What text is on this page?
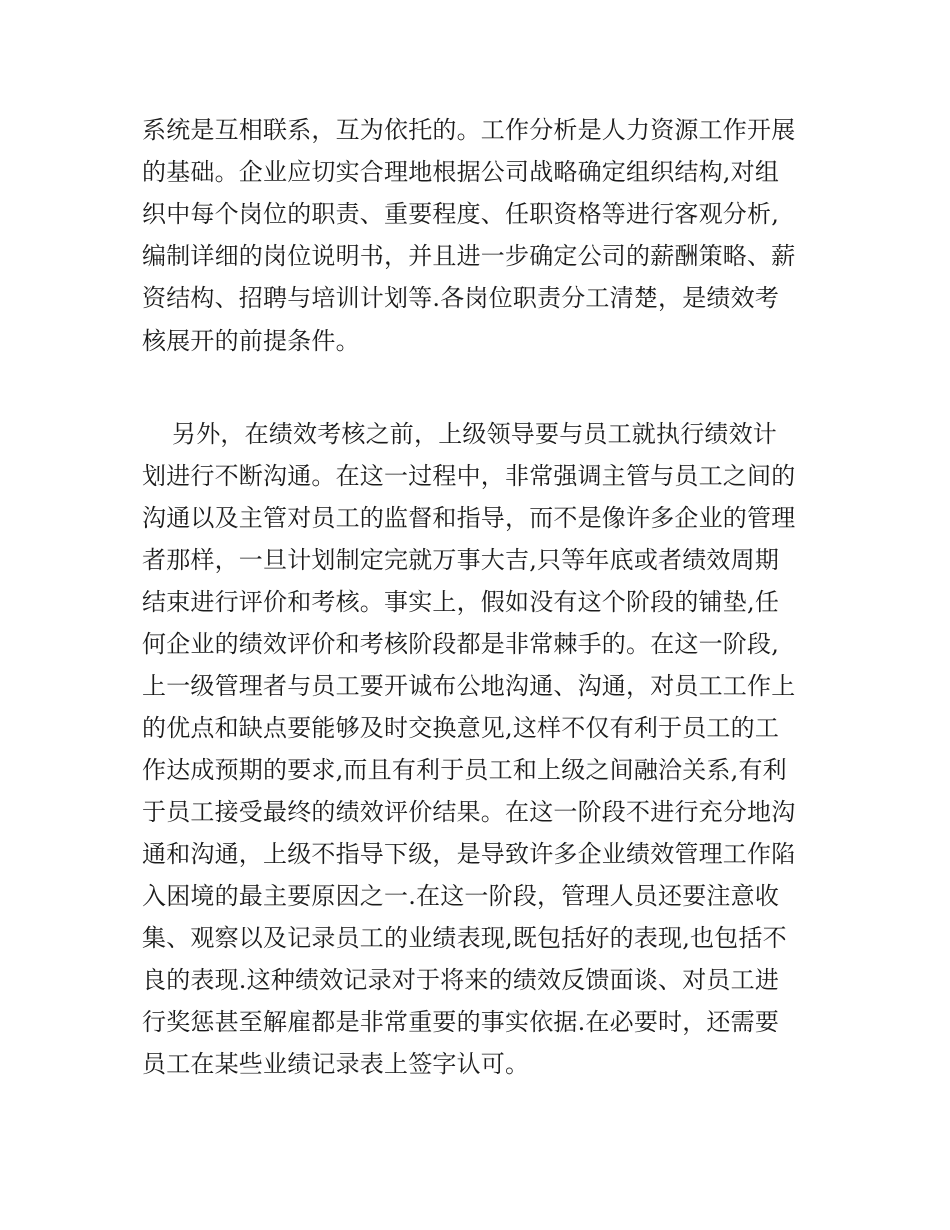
系统是互相联系，互为依托的。工作分析是人力资源工作开展

的基础。企业应切实合理地根据公司战略确定组织结构,对组

织中每个岗位的职责、重要程度、任职资格等进行客观分析,

编制详细的岗位说明书，并且进一步确定公司的薪酬策略、薪

资结构、招聘与培训计划等.各岗位职责分工清楚，是绩效考

核展开的前提条件。

另外，在绩效考核之前，上级领导要与员工就执行绩效计

划进行不断沟通。在这一过程中，非常强调主管与员工之间的

沟通以及主管对员工的监督和指导，而不是像许多企业的管理

者那样，一旦计划制定完就万事大吉,只等年底或者绩效周期

结束进行评价和考核。事实上，假如没有这个阶段的铺垫,任

何企业的绩效评价和考核阶段都是非常棘手的。在这一阶段,

上一级管理者与员工要开诚布公地沟通、沟通，对员工工作上

的优点和缺点要能够及时交换意见,这样不仅有利于员工的工

作达成预期的要求,而且有利于员工和上级之间融洽关系,有利

于员工接受最终的绩效评价结果。在这一阶段不进行充分地沟

通和沟通，上级不指导下级，是导致许多企业绩效管理工作陷

入困境的最主要原因之一.在这一阶段，管理人员还要注意收

集、观察以及记录员工的业绩表现,既包括好的表现,也包括不

良的表现.这种绩效记录对于将来的绩效反馈面谈、对员工进

行奖惩甚至解雇都是非常重要的事实依据.在必要时，还需要

员工在某些业绩记录表上签字认可。
